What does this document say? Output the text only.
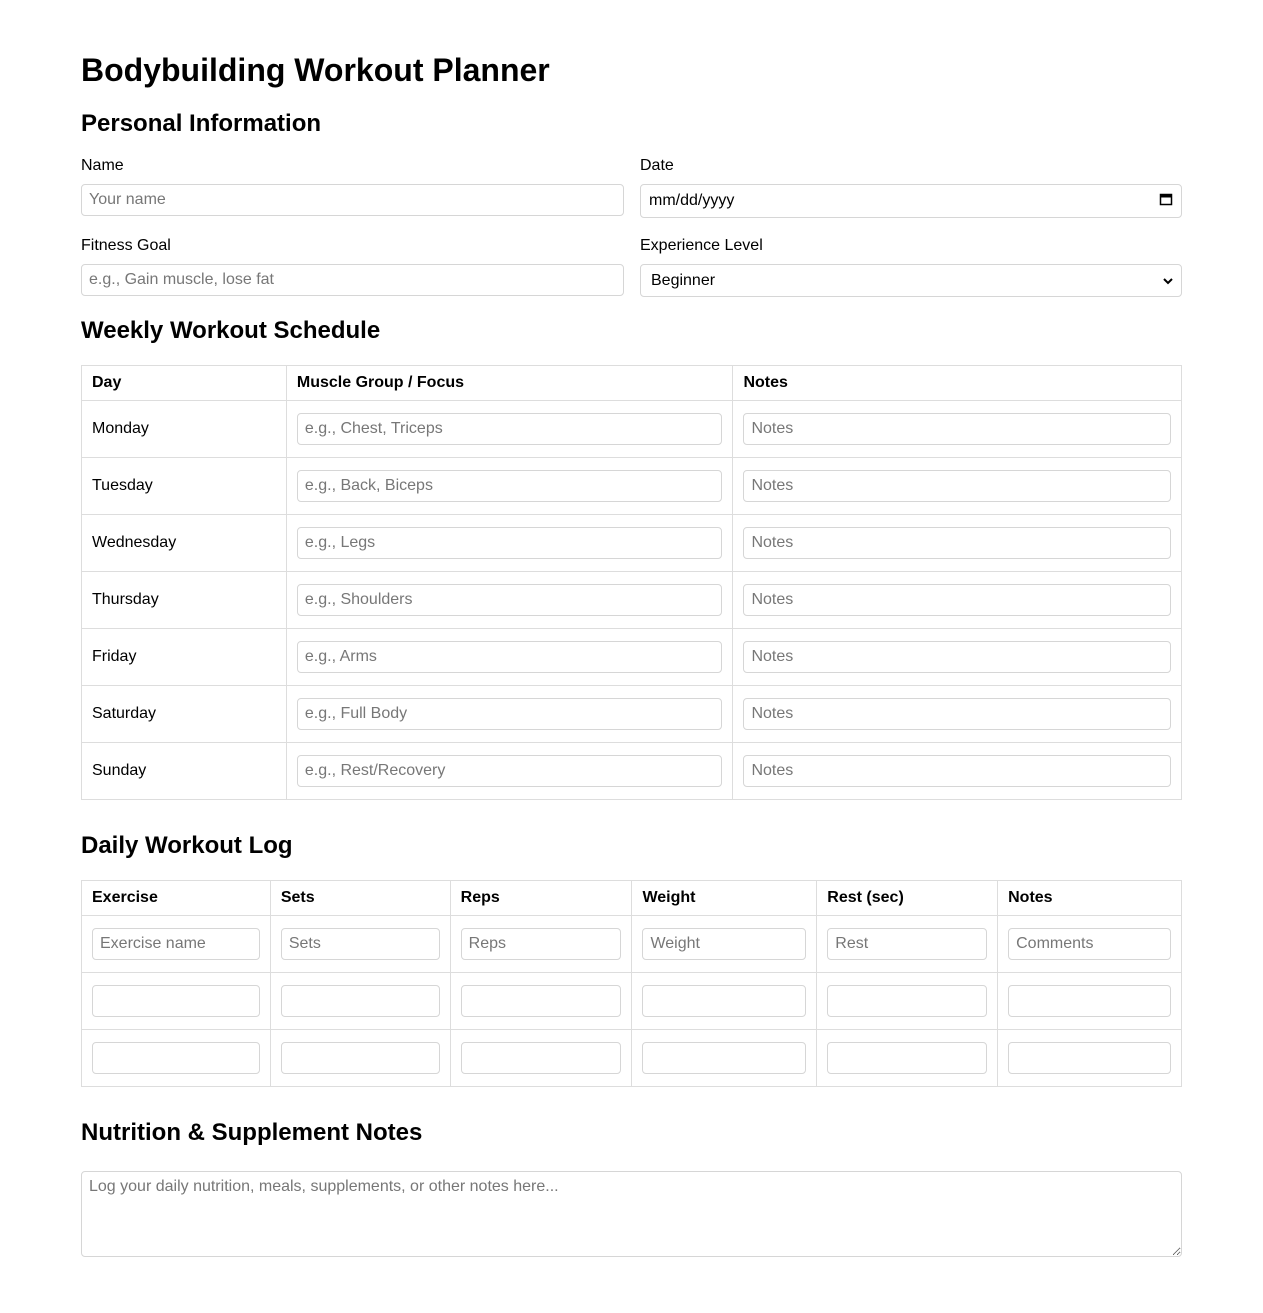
Bodybuilding Workout Planner
Personal Information
Name
Your name	Date
mm/dd/yyyy
Fitness Goal
e.g., Gain muscle, lose fat	Experience Level
Beginner
Weekly Workout Schedule
Day	Muscle Group / Focus	Notes
Monday	e.g., Chest, Triceps	Notes
Tuesday	e.g., Back, Biceps	Notes
Wednesday	e.g., Legs	Notes
Thursday	e.g., Shoulders	Notes
Friday	e.g., Arms	Notes
Saturday	e.g., Full Body	Notes
Sunday	e.g., Rest/Recovery	Notes
Daily Workout Log
Exercise	Sets	Reps	Weight	Rest (sec)	Notes
Exercise name	Sets	Reps	Weight	Rest	Comments

Nutrition & Supplement Notes
Log your daily nutrition, meals, supplements, or other notes here...
